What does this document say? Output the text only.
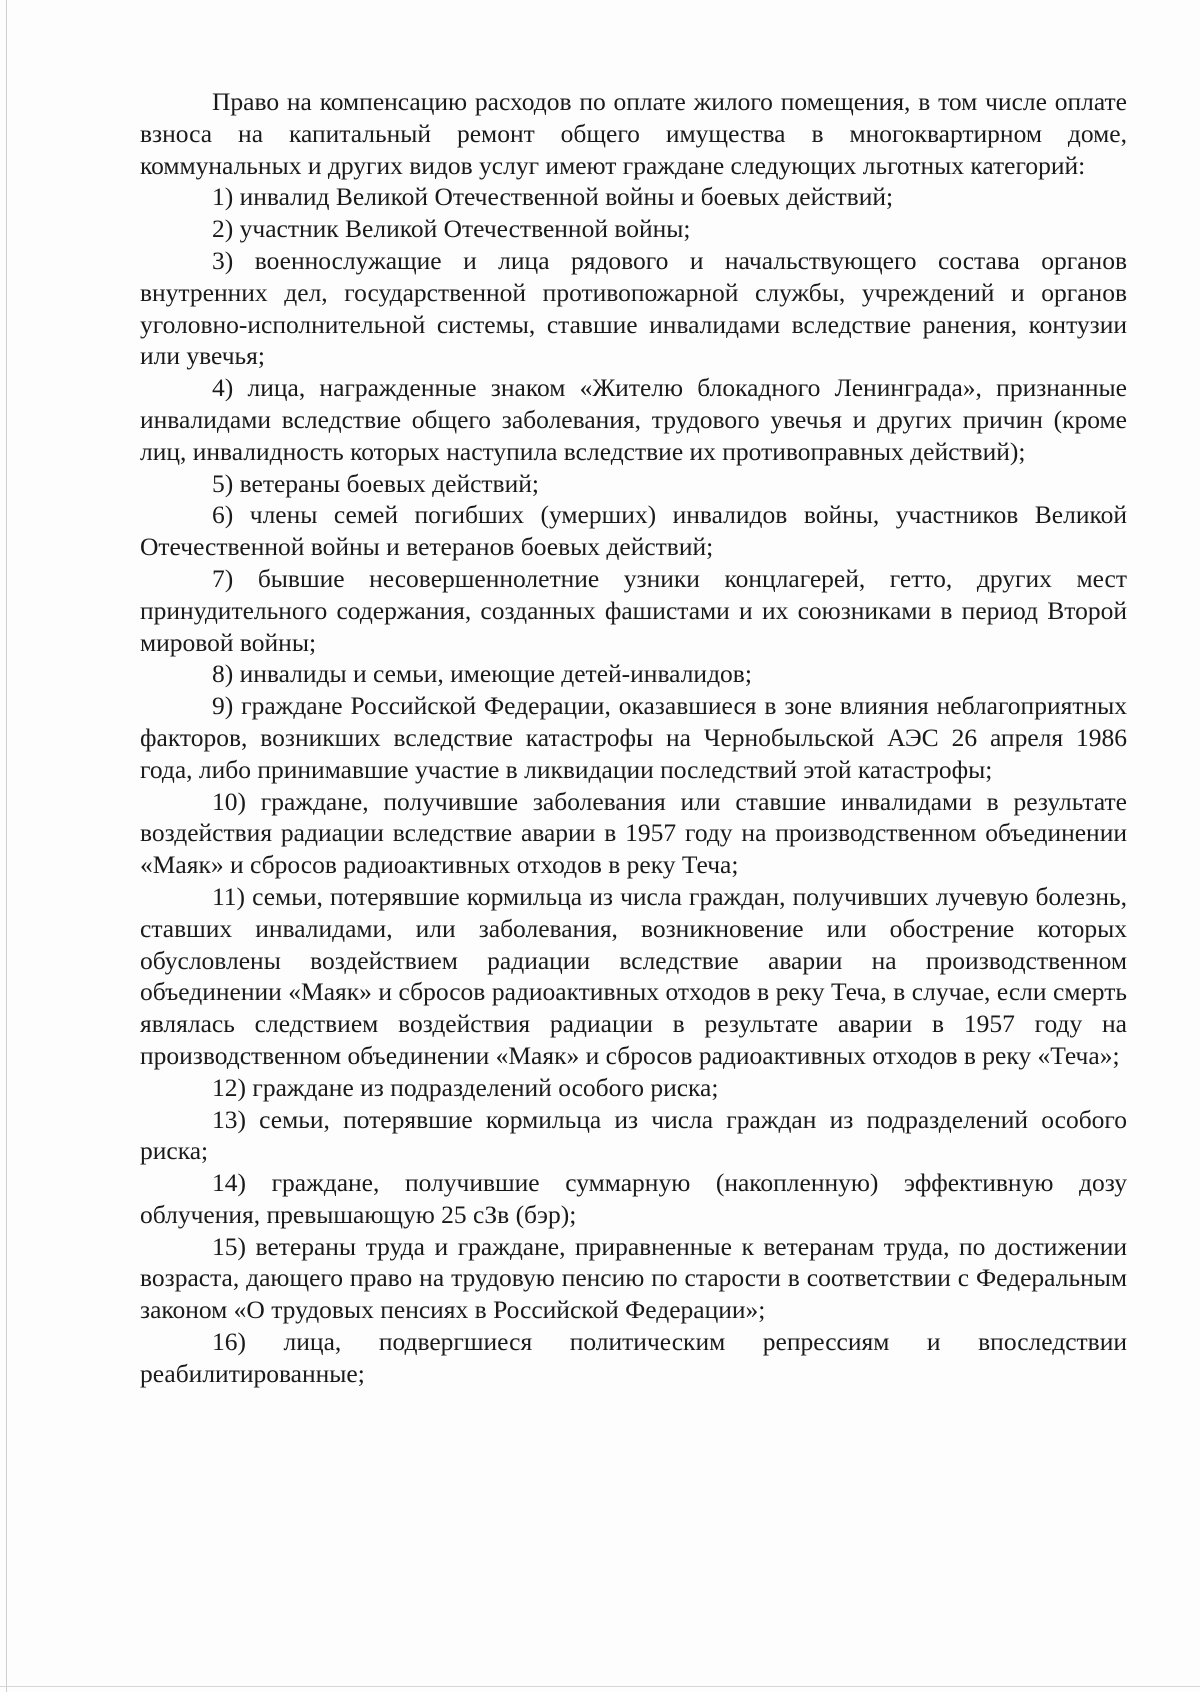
Право на компенсацию расходов по оплате жилого помещения, в том числе оплате взноса на капитальный ремонт общего имущества в многоквартирном доме, коммунальных и других видов услуг имеют граждане следующих льготных категорий:

1) инвалид Великой Отечественной войны и боевых действий;

2) участник Великой Отечественной войны;

3) военнослужащие и лица рядового и начальствующего состава органов внутренних дел, государственной противопожарной службы, учреждений и органов уголовно-исполнительной системы, ставшие инвалидами вследствие ранения, контузии или увечья;

4) лица, награжденные знаком «Жителю блокадного Ленинграда», признанные инвалидами вследствие общего заболевания, трудового увечья и других причин (кроме лиц, инвалидность которых наступила вследствие их противоправных действий);

5) ветераны боевых действий;

6) члены семей погибших (умерших) инвалидов войны, участников Великой Отечественной войны и ветеранов боевых действий;

7) бывшие несовершеннолетние узники концлагерей, гетто, других мест принудительного содержания, созданных фашистами и их союзниками в период Второй мировой войны;

8) инвалиды и семьи, имеющие детей-инвалидов;

9) граждане Российской Федерации, оказавшиеся в зоне влияния неблагоприятных факторов, возникших вследствие катастрофы на Чернобыльской АЭС 26 апреля 1986 года, либо принимавшие участие в ликвидации последствий этой катастрофы;

10) граждане, получившие заболевания или ставшие инвалидами в результате воздействия радиации вследствие аварии в 1957 году на производственном объединении «Маяк» и сбросов радиоактивных отходов в реку Теча;

11) семьи, потерявшие кормильца из числа граждан, получивших лучевую болезнь, ставших инвалидами, или заболевания, возникновение или обострение которых обусловлены воздействием радиации вследствие аварии на производственном объединении «Маяк» и сбросов радиоактивных отходов в реку Теча, в случае, если смерть являлась следствием воздействия радиации в результате аварии в 1957 году на производственном объединении «Маяк» и сбросов радиоактивных отходов в реку «Теча»;

12) граждане из подразделений особого риска;

13) семьи, потерявшие кормильца из числа граждан из подразделений особого риска;

14) граждане, получившие суммарную (накопленную) эффективную дозу облучения, превышающую 25 сЗв (бэр);

15) ветераны труда и граждане, приравненные к ветеранам труда, по достижении возраста, дающего право на трудовую пенсию по старости в соответствии с Федеральным законом «О трудовых пенсиях в Российской Федерации»;

16) лица, подвергшиеся политическим репрессиям и впоследствии реабилитированные;
